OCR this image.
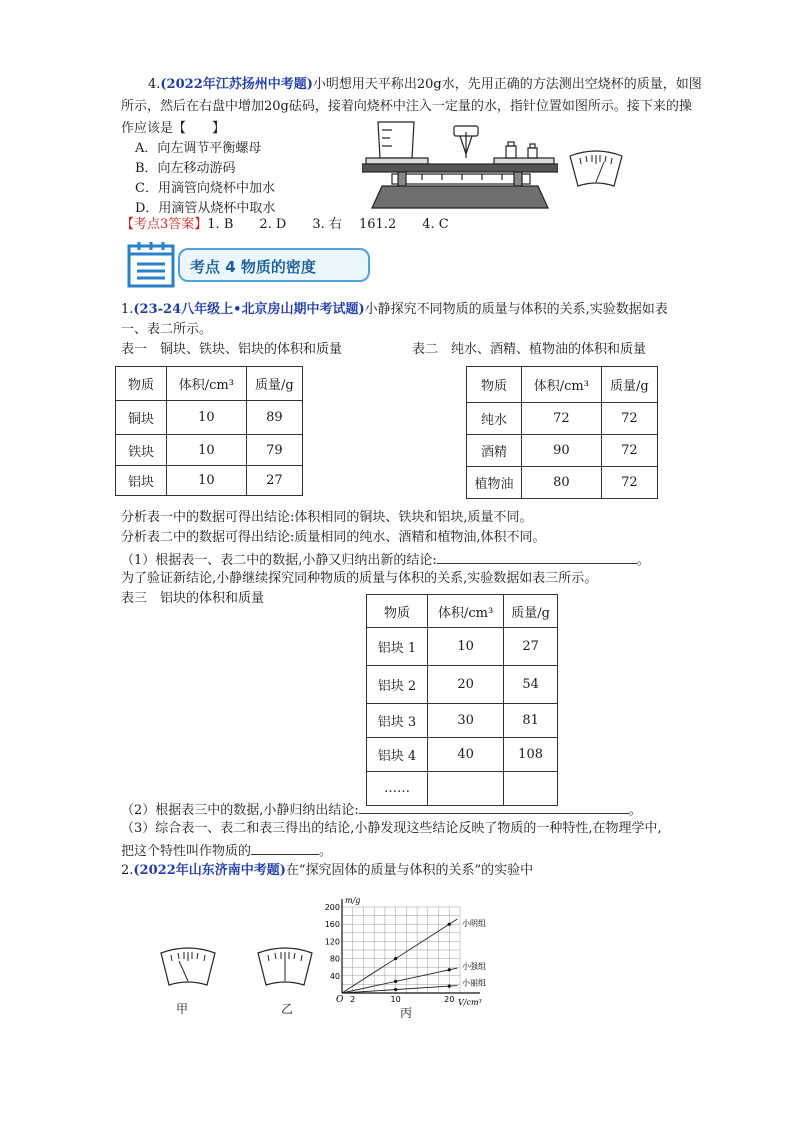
4.(2022年江苏扬州中考题)小明想用天平称出20g水，先用正确的方法测出空烧杯的质量，如图
所示，然后在右盘中增加20g砝码，接着向烧杯中注入一定量的水，指针位置如图所示。接下来的操
作应该是【　　】
A．向左调节平衡螺母
B．向左移动游码
C．用滴管向烧杯中加水
D．用滴管从烧杯中取水
【考点3答案】1. B　　2. D　　3. 右　 161.2　　4. C
考点 4 物质的密度
1.(23-24八年级上•北京房山期中考试题)小静探究不同物质的质量与体积的关系,实验数据如表
一、表二所示。
表一　铜块、铁块、铝块的体积和质量	表二　纯水、酒精、植物油的体积和质量
物质	体积/cm³	质量/g
铜块	10	89
铁块	10	79
铝块	10	27
物质	体积/cm³	质量/g
纯水	72	72
酒精	90	72
植物油	80	72
分析表一中的数据可得出结论:体积相同的铜块、铁块和铝块,质量不同。
分析表二中的数据可得出结论:质量相同的纯水、酒精和植物油,体积不同。
（1）根据表一、表二中的数据,小静又归纳出新的结论:	。
为了验证新结论,小静继续探究同种物质的质量与体积的关系,实验数据如表三所示。
表三　铝块的体积和质量
物质	体积/cm³	质量/g
铝块 1	10	27
铝块 2	20	54
铝块 3	30	81
铝块 4	40	108
……		
（2）根据表三中的数据,小静归纳出结论:	。
（3）综合表一、表二和表三得出的结论,小静发现这些结论反映了物质的一种特性,在物理学中,
把这个特性叫作物质的	。
2.(2022年山东济南中考题)在“探究固体的质量与体积的关系”的实验中
甲	乙	丙
40
80
120
160
200
2	10	20
O
m/g
V/cm³
小明组
小强组
小丽组
